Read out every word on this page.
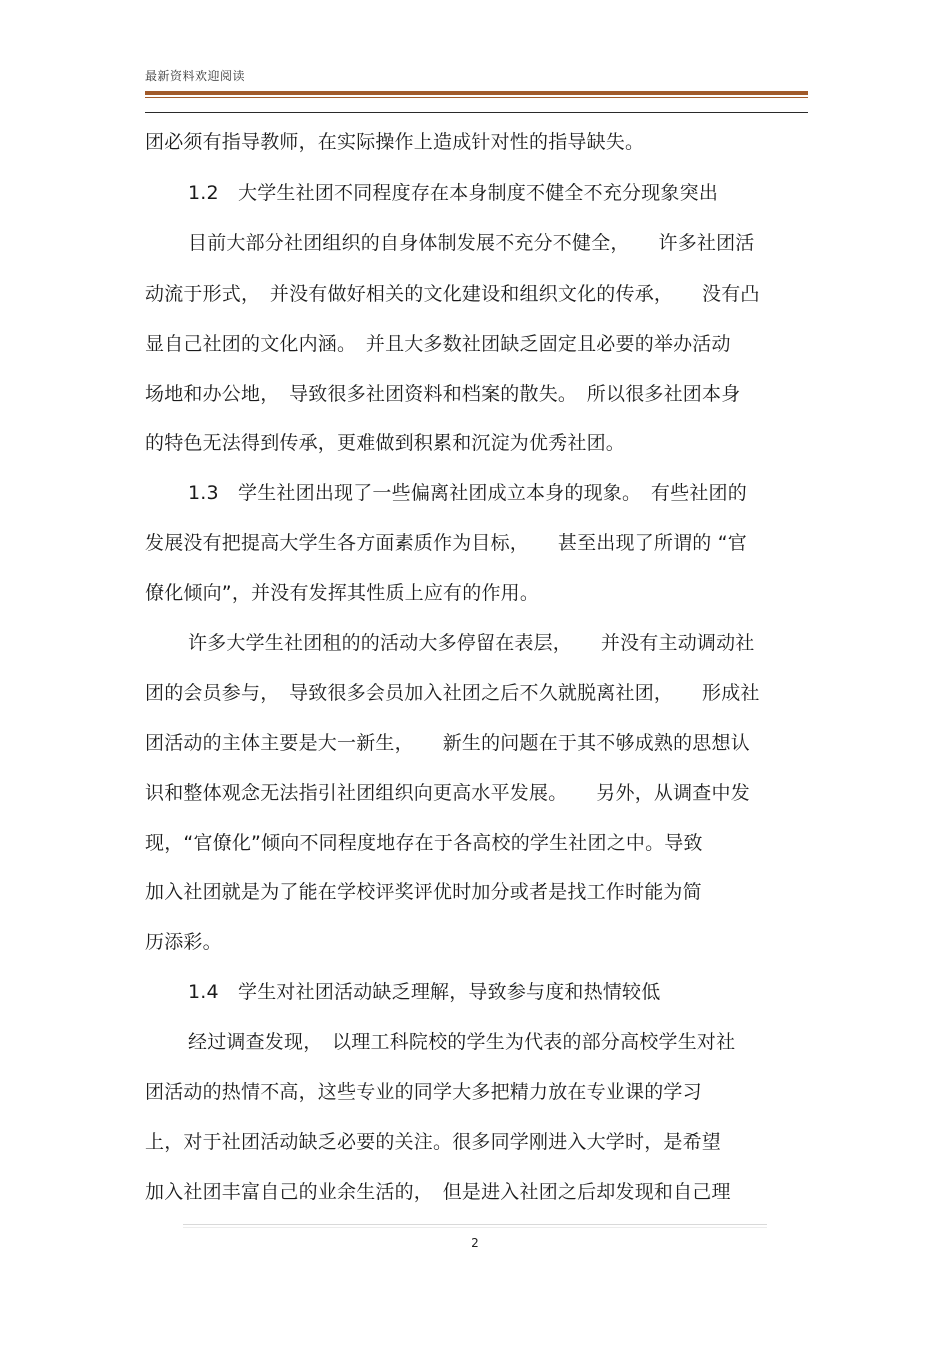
最新资料欢迎阅读
团必须有指导教师，在实际操作上造成针对性的指导缺失。
1.2　大学生社团不同程度存在本身制度不健全不充分现象突出
目前大部分社团组织的自身体制发展不充分不健全，　　许多社团活
动流于形式，　并没有做好相关的文化建设和组织文化的传承，　　没有凸
显自己社团的文化内涵。　并且大多数社团缺乏固定且必要的举办活动
场地和办公地，　导致很多社团资料和档案的散失。　所以很多社团本身
的特色无法得到传承，更难做到积累和沉淀为优秀社团。
1.3　学生社团出现了一些偏离社团成立本身的现象。　有些社团的
发展没有把提高大学生各方面素质作为目标，　　甚至出现了所谓的 “官
僚化倾向”，并没有发挥其性质上应有的作用。
许多大学生社团租的的活动大多停留在表层，　　并没有主动调动社
团的会员参与，　导致很多会员加入社团之后不久就脱离社团，　　形成社
团活动的主体主要是大一新生，　　新生的问题在于其不够成熟的思想认
识和整体观念无法指引社团组织向更高水平发展。　　另外，从调查中发
现，“官僚化”倾向不同程度地存在于各高校的学生社团之中。导致
加入社团就是为了能在学校评奖评优时加分或者是找工作时能为简
历添彩。
1.4　学生对社团活动缺乏理解，导致参与度和热情较低
经过调查发现，　以理工科院校的学生为代表的部分高校学生对社
团活动的热情不高，这些专业的同学大多把精力放在专业课的学习
上，对于社团活动缺乏必要的关注。很多同学刚进入大学时，是希望
加入社团丰富自己的业余生活的，　但是进入社团之后却发现和自己理
2
